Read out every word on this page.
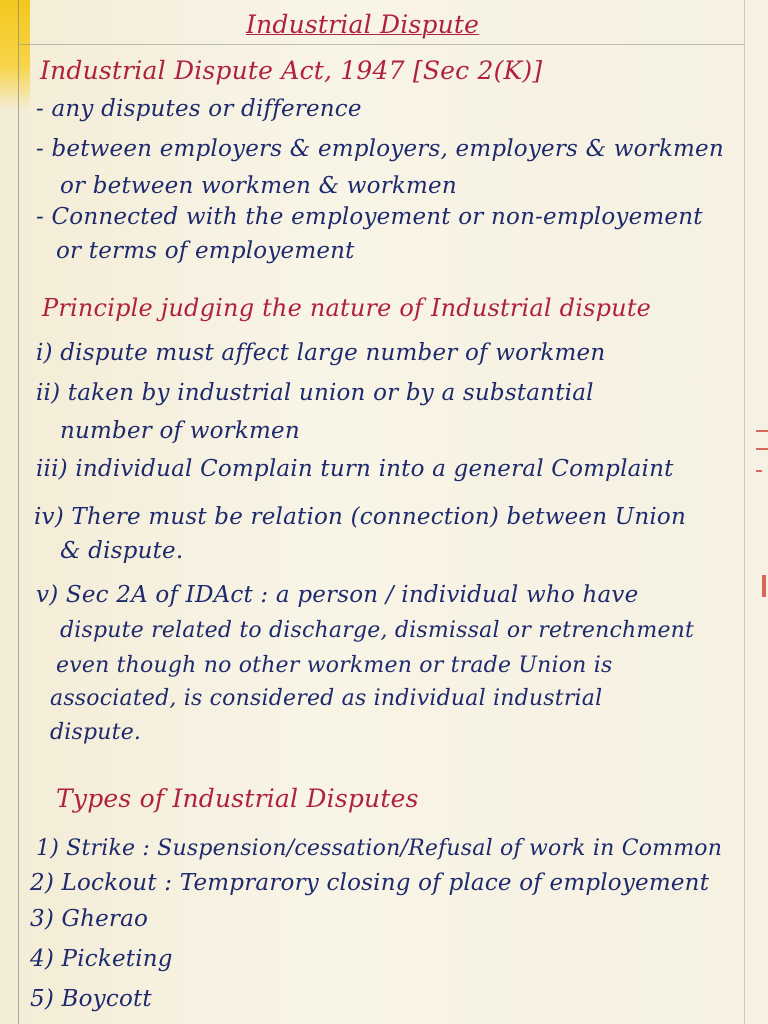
Industrial Dispute
Industrial Dispute Act, 1947 [Sec 2(K)]
- any disputes or difference
- between employers & employers, employers & workmen
or between workmen & workmen
- Connected with the employement or non-employement
or terms of employement
Principle judging the nature of Industrial dispute
i) dispute must affect large number of workmen
ii) taken by industrial union or by a substantial
number of workmen
iii) individual Complain turn into a general Complaint
iv) There must be relation (connection) between Union
& dispute.
v) Sec 2A of IDAct : a person / individual who have
dispute related to discharge, dismissal or retrenchment
even though no other workmen or trade Union is
associated, is considered as individual industrial
dispute.
Types of Industrial Disputes
1) Strike : Suspension/cessation/Refusal of work in Common
2) Lockout : Temprarory closing of place of employement
3) Gherao
4) Picketing
5) Boycott
